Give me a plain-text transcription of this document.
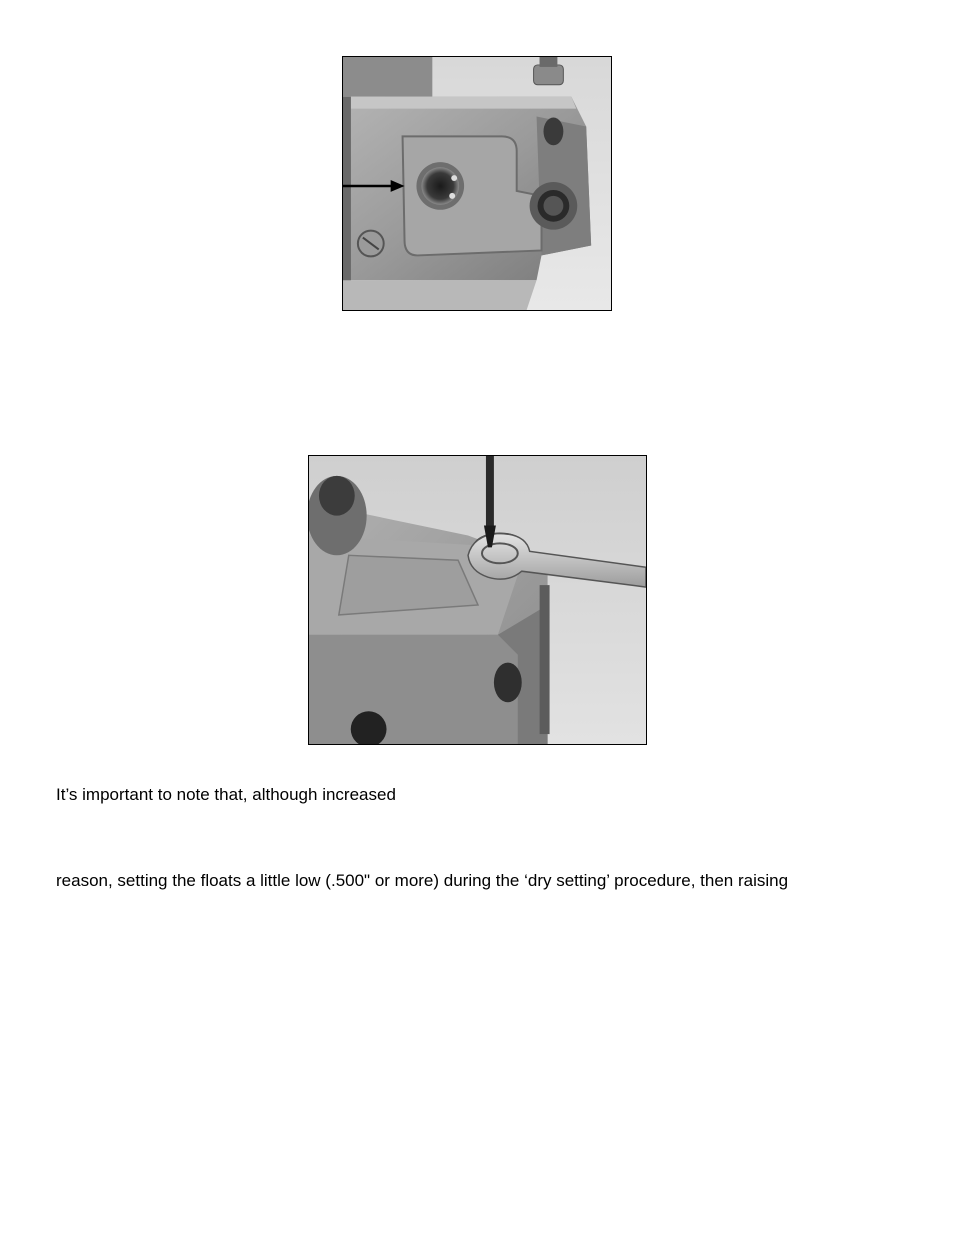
It’s important to note that, although increased

reason, setting the floats a little low (.500" or more) during the ‘dry setting’ procedure, then raising
